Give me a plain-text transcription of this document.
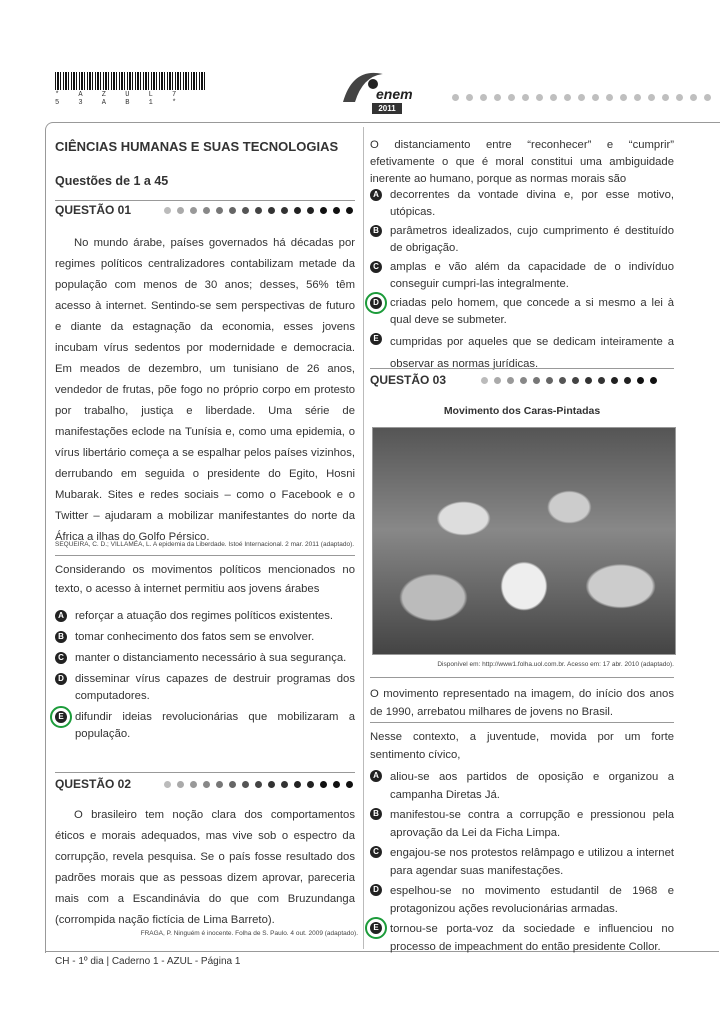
* A Z U L 7 5 3 A B 1 *
enem
2011
CIÊNCIAS HUMANAS E SUAS TECNOLOGIAS
Questões de 1 a 45
QUESTÃO 01
No mundo árabe, países governados há décadas por regimes políticos centralizadores contabilizam metade da população com menos de 30 anos; desses, 56% têm acesso à internet. Sentindo-se sem perspectivas de futuro e diante da estagnação da economia, esses jovens incubam vírus sedentos por modernidade e democracia. Em meados de dezembro, um tunisiano de 26 anos, vendedor de frutas, põe fogo no próprio corpo em protesto por trabalho, justiça e liberdade. Uma série de manifestações eclode na Tunísia e, como uma epidemia, o vírus libertário começa a se espalhar pelos países vizinhos, derrubando em seguida o presidente do Egito, Hosni Mubarak. Sites e redes sociais – como o Facebook e o Twitter – ajudaram a mobilizar manifestantes do norte da África a ilhas do Golfo Pérsico.
SEQUEIRA, C. D.; VILLAMÉA, L. A epidemia da Liberdade. Istoé Internacional. 2 mar. 2011 (adaptado).
Considerando os movimentos políticos mencionados no texto, o acesso à internet permitiu aos jovens árabes
A reforçar a atuação dos regimes políticos existentes.
B tomar conhecimento dos fatos sem se envolver.
C manter o distanciamento necessário à sua segurança.
D disseminar vírus capazes de destruir programas dos computadores.
E difundir ideias revolucionárias que mobilizaram a população.
QUESTÃO 02
O brasileiro tem noção clara dos comportamentos éticos e morais adequados, mas vive sob o espectro da corrupção, revela pesquisa. Se o país fosse resultado dos padrões morais que as pessoas dizem aprovar, pareceria mais com a Escandinávia do que com Bruzundanga (corrompida nação fictícia de Lima Barreto).
FRAGA, P. Ninguém é inocente. Folha de S. Paulo. 4 out. 2009 (adaptado).
O distanciamento entre “reconhecer” e “cumprir” efetivamente o que é moral constitui uma ambiguidade inerente ao humano, porque as normas morais são
A decorrentes da vontade divina e, por esse motivo, utópicas.
B parâmetros idealizados, cujo cumprimento é destituído de obrigação.
C amplas e vão além da capacidade de o indivíduo conseguir cumpri-las integralmente.
D criadas pelo homem, que concede a si mesmo a lei à qual deve se submeter.
E cumpridas por aqueles que se dedicam inteiramente a observar as normas jurídicas.
QUESTÃO 03
Movimento dos Caras-Pintadas
Disponível em: http://www1.folha.uol.com.br. Acesso em: 17 abr. 2010 (adaptado).
O movimento representado na imagem, do início dos anos de 1990, arrebatou milhares de jovens no Brasil.
Nesse contexto, a juventude, movida por um forte sentimento cívico,
A aliou-se aos partidos de oposição e organizou a campanha Diretas Já.
B manifestou-se contra a corrupção e pressionou pela aprovação da Lei da Ficha Limpa.
C engajou-se nos protestos relâmpago e utilizou a internet para agendar suas manifestações.
D espelhou-se no movimento estudantil de 1968 e protagonizou ações revolucionárias armadas.
E tornou-se porta-voz da sociedade e influenciou no processo de impeachment do então presidente Collor.
CH - 1º dia | Caderno 1 - AZUL - Página 1
